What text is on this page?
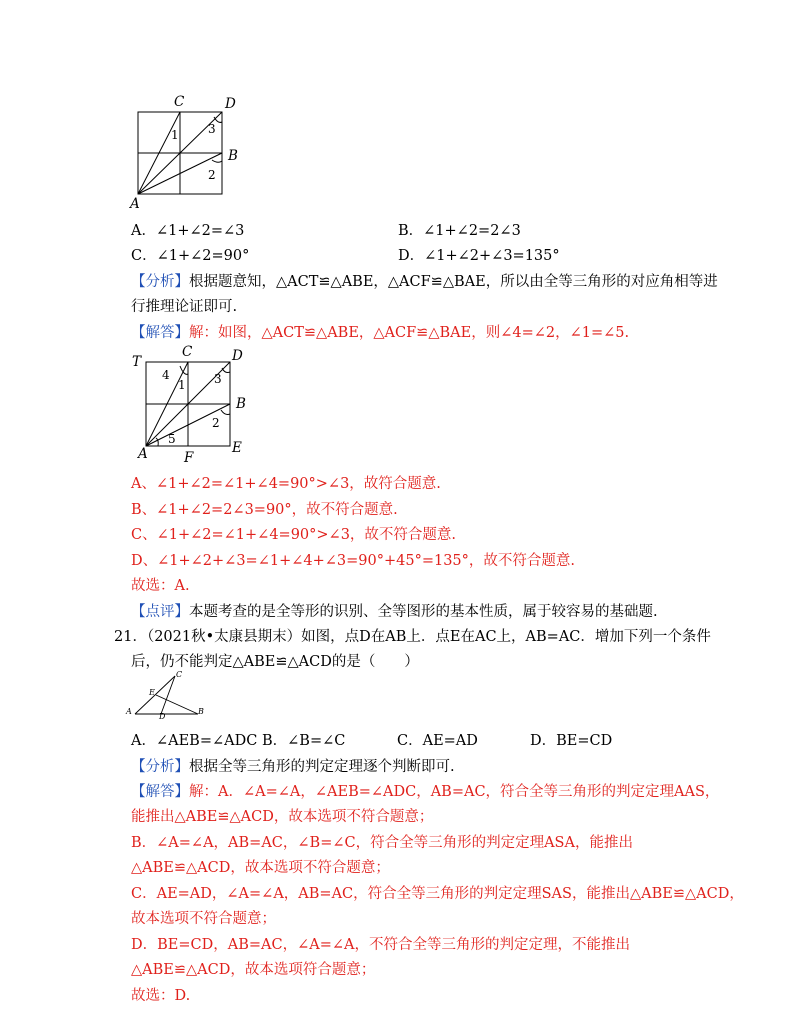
A
C	D
B
1 3
2
A．∠1+∠2=∠3	B．∠1+∠2=2∠3
C．∠1+∠2=90°	D．∠1+∠2+∠3=135°
【分析】根据题意知，△ACT≌△ABE，△ACF≌△BAE，所以由全等三角形的对应角相等进
行推理论证即可.
【解答】解：如图，△ACT≌△ABE，△ACF≌△BAE，则∠4=∠2，∠1=∠5.
T
C	D
B
E
A	F
4
1 3
2
5
A、∠1+∠2=∠1+∠4=90°>∠3，故符合题意.
B、∠1+∠2=2∠3=90°，故不符合题意.
C、∠1+∠2=∠1+∠4=90°>∠3，故不符合题意.
D、∠1+∠2+∠3=∠1+∠4+∠3=90°+45°=135°，故不符合题意.
故选：A.
【点评】本题考查的是全等形的识别、全等图形的基本性质，属于较容易的基础题.
21．（2021秋•太康县期末）如图，点D在AB上．点E在AC上，AB=AC．增加下列一个条件
后，仍不能判定△ABE≌△ACD的是（　　）
A	B
C
D
E
A．∠AEB=∠ADC B．∠B=∠C	C．AE=AD	D．BE=CD
【分析】根据全等三角形的判定定理逐个判断即可.
【解答】解：A．∠A=∠A，∠AEB=∠ADC，AB=AC，符合全等三角形的判定定理AAS，
能推出△ABE≌△ACD，故本选项不符合题意；
B．∠A=∠A，AB=AC，∠B=∠C，符合全等三角形的判定定理ASA，能推出
△ABE≌△ACD，故本选项不符合题意；
C．AE=AD，∠A=∠A，AB=AC，符合全等三角形的判定定理SAS，能推出△ABE≌△ACD，
故本选项不符合题意；
D．BE=CD，AB=AC，∠A=∠A，不符合全等三角形的判定定理，不能推出
△ABE≌△ACD，故本选项符合题意；
故选：D.
